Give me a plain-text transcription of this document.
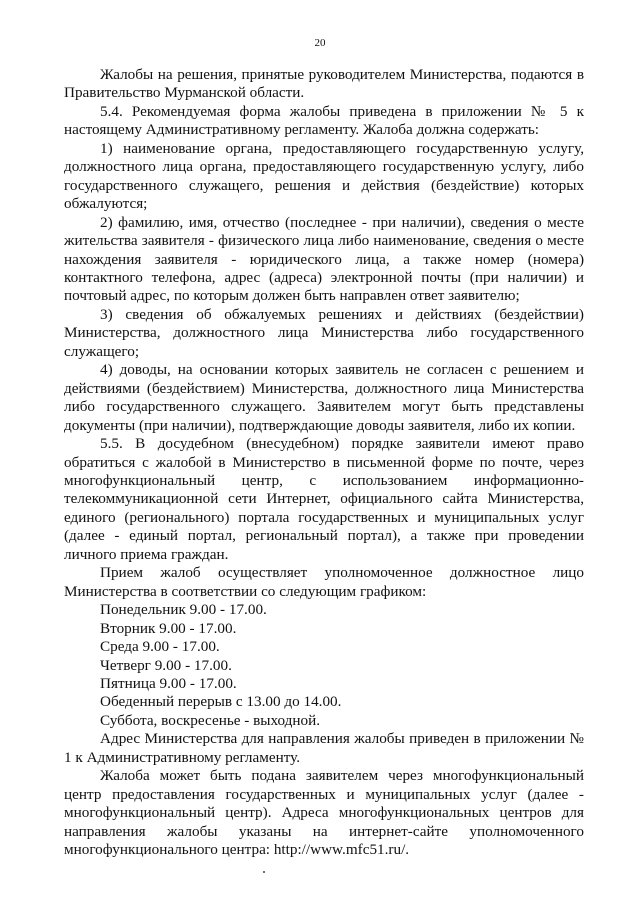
20

Жалобы на решения, принятые руководителем Министерства, подаются в Правительство Мурманской области.

5.4. Рекомендуемая форма жалобы приведена в приложении № 5 к настоящему Административному регламенту. Жалоба должна содержать:

1) наименование органа, предоставляющего государственную услугу, должностного лица органа, предоставляющего государственную услугу, либо государственного служащего, решения и действия (бездействие) которых обжалуются;

2) фамилию, имя, отчество (последнее - при наличии), сведения о месте жительства заявителя - физического лица либо наименование, сведения о месте нахождения заявителя - юридического лица, а также номер (номера) контактного телефона, адрес (адреса) электронной почты (при наличии) и почтовый адрес, по которым должен быть направлен ответ заявителю;

3) сведения об обжалуемых решениях и действиях (бездействии) Министерства, должностного лица Министерства либо государственного служащего;

4) доводы, на основании которых заявитель не согласен с решением и действиями (бездействием) Министерства, должностного лица Министерства либо государственного служащего. Заявителем могут быть представлены документы (при наличии), подтверждающие доводы заявителя, либо их копии.

5.5. В досудебном (внесудебном) порядке заявители имеют право обратиться с жалобой в Министерство в письменной форме по почте, через многофункциональный центр, с использованием информационно-телекоммуникационной сети Интернет, официального сайта Министерства, единого (регионального) портала государственных и муниципальных услуг (далее - единый портал, региональный портал), а также при проведении личного приема граждан.

Прием жалоб осуществляет уполномоченное должностное лицо Министерства в соответствии со следующим графиком:

Понедельник 9.00 - 17.00.

Вторник 9.00 - 17.00.

Среда 9.00 - 17.00.

Четверг 9.00 - 17.00.

Пятница 9.00 - 17.00.

Обеденный перерыв с 13.00 до 14.00.

Суббота, воскресенье - выходной.

Адрес Министерства для направления жалобы приведен в приложении № 1 к Административному регламенту.

Жалоба может быть подана заявителем через многофункциональный центр предоставления государственных и муниципальных услуг (далее - многофункциональный центр). Адреса многофункциональных центров для направления жалобы указаны на интернет-сайте уполномоченного многофункционального центра: http://www.mfc51.ru/.
